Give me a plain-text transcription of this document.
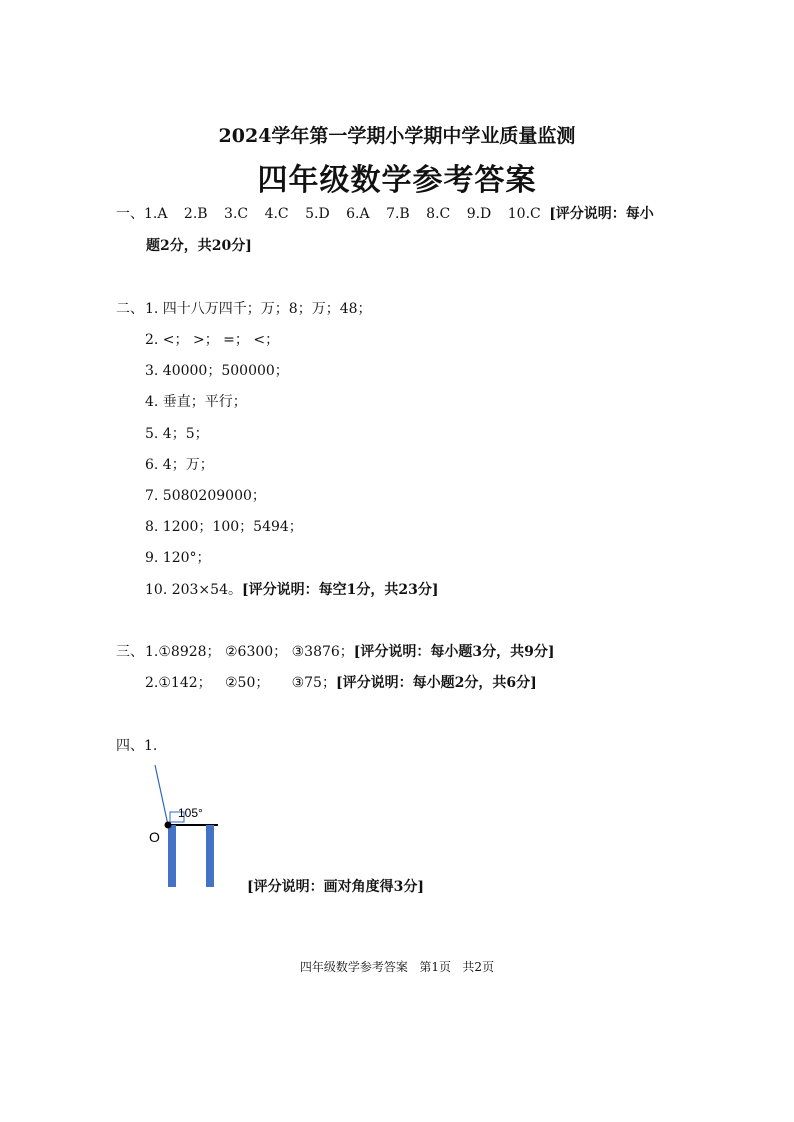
2024学年第一学期小学期中学业质量监测
四年级数学参考答案
一、 1.A 2.B 3.C 4.C 5.D 6.A 7.B 8.C 9.D 10.C [评分说明：每小
题2分，共20分]
二、 1. 四十八万四千；万；8；万；48；
2. <； >； =； <；
3. 40000；500000；
4. 垂直；平行；
5. 4；5；
6. 4；万；
7. 5080209000；
8. 1200；100；5494；
9. 120°；
10. 203×54。[评分说明：每空1分，共23分]
三、 1.①8928； ②6300； ③3876；[评分说明：每小题3分，共9分]
2.①142；   ②50；     ③75；[评分说明：每小题2分，共6分]
四、1.
105°
O
[评分说明：画对角度得3分]
四年级数学参考答案   第1页   共2页
